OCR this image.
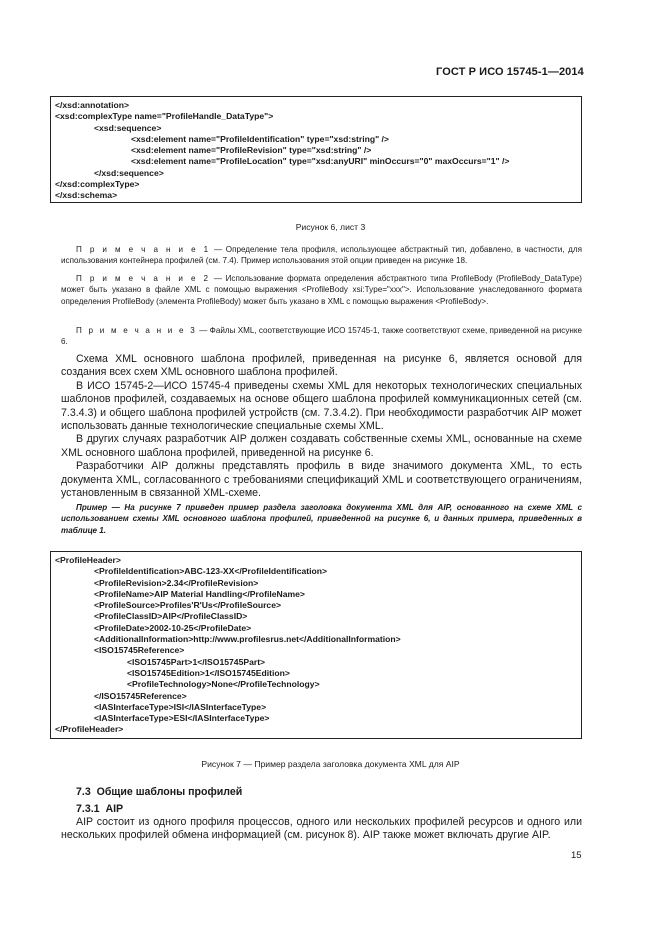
ГОСТ Р ИСО 15745-1—2014
</xsd:annotation>
<xsd:complexType name="ProfileHandle_DataType">
<xsd:sequence>
<xsd:element name="ProfileIdentification" type="xsd:string" />
<xsd:element name="ProfileRevision" type="xsd:string" />
<xsd:element name="ProfileLocation" type="xsd:anyURI" minOccurs="0" maxOccurs="1" />
</xsd:sequence>
</xsd:complexType>
</xsd:schema>
Рисунок 6, лист 3
П р и м е ч а н и е 1 — Определение тела профиля, использующее абстрактный тип, добавлено, в частности, для использования контейнера профилей (см. 7.4). Пример использования этой опции приведен на рисунке 18.
П р и м е ч а н и е 2 — Использование формата определения абстрактного типа ProfileBody (ProfileBody_DataType) может быть указано в файле XML с помощью выражения <ProfileBody xsi:Type="xxx">. Использование унаследованного формата определения ProfileBody (элемента ProfileBody) может быть указано в XML с помощью выражения <ProfileBody>.
П р и м е ч а н и е 3 — Файлы XML, соответствующие ИСО 15745-1, также соответствуют схеме, приведенной на рисунке 6.

Схема XML основного шаблона профилей, приведенная на рисунке 6, является основой для создания всех схем XML основного шаблона профилей.

В ИСО 15745-2—ИСО 15745-4 приведены схемы XML для некоторых технологических специальных шаблонов профилей, создаваемых на основе общего шаблона профилей коммуникационных сетей (см. 7.3.4.3) и общего шаблона профилей устройств (см. 7.3.4.2). При необходимости разработчик AIP может использовать данные технологические специальные схемы XML.

В других случаях разработчик AIP должен создавать собственные схемы XML, основанные на схеме XML основного шаблона профилей, приведенной на рисунке 6.

Разработчики AIP должны представлять профиль в виде значимого документа XML, то есть документа XML, согласованного с требованиями спецификаций XML и соответствующего ограничениям, установленным в связанной XML-схеме.

Пример — На рисунке 7 приведен пример раздела заголовка документа XML для AIP, основанного на схеме XML с использованием схемы XML основного шаблона профилей, приведенной на рисунке 6, и данных примера, приведенных в таблице 1.
<ProfileHeader>
<ProfileIdentification>ABC-123-XX</ProfileIdentification>
<ProfileRevision>2.34</ProfileRevision>
<ProfileName>AIP Material Handling</ProfileName>
<ProfileSource>Profiles'R'Us</ProfileSource>
<ProfileClassID>AIP</ProfileClassID>
<ProfileDate>2002-10-25</ProfileDate>
<AdditionalInformation>http://www.profilesrus.net</AdditionalInformation>
<ISO15745Reference>
<ISO15745Part>1</ISO15745Part>
<ISO15745Edition>1</ISO15745Edition>
<ProfileTechnology>None</ProfileTechnology>
</ISO15745Reference>
<IASInterfaceType>ISI</IASInterfaceType>
<IASInterfaceType>ESI</IASInterfaceType>
</ProfileHeader>
Рисунок 7 — Пример раздела заголовка документа XML для AIP
7.3 Общие шаблоны профилей
7.3.1 AIP
AIP состоит из одного профиля процессов, одного или нескольких профилей ресурсов и одного или нескольких профилей обмена информацией (см. рисунок 8). AIP также может включать другие AIP.
15
